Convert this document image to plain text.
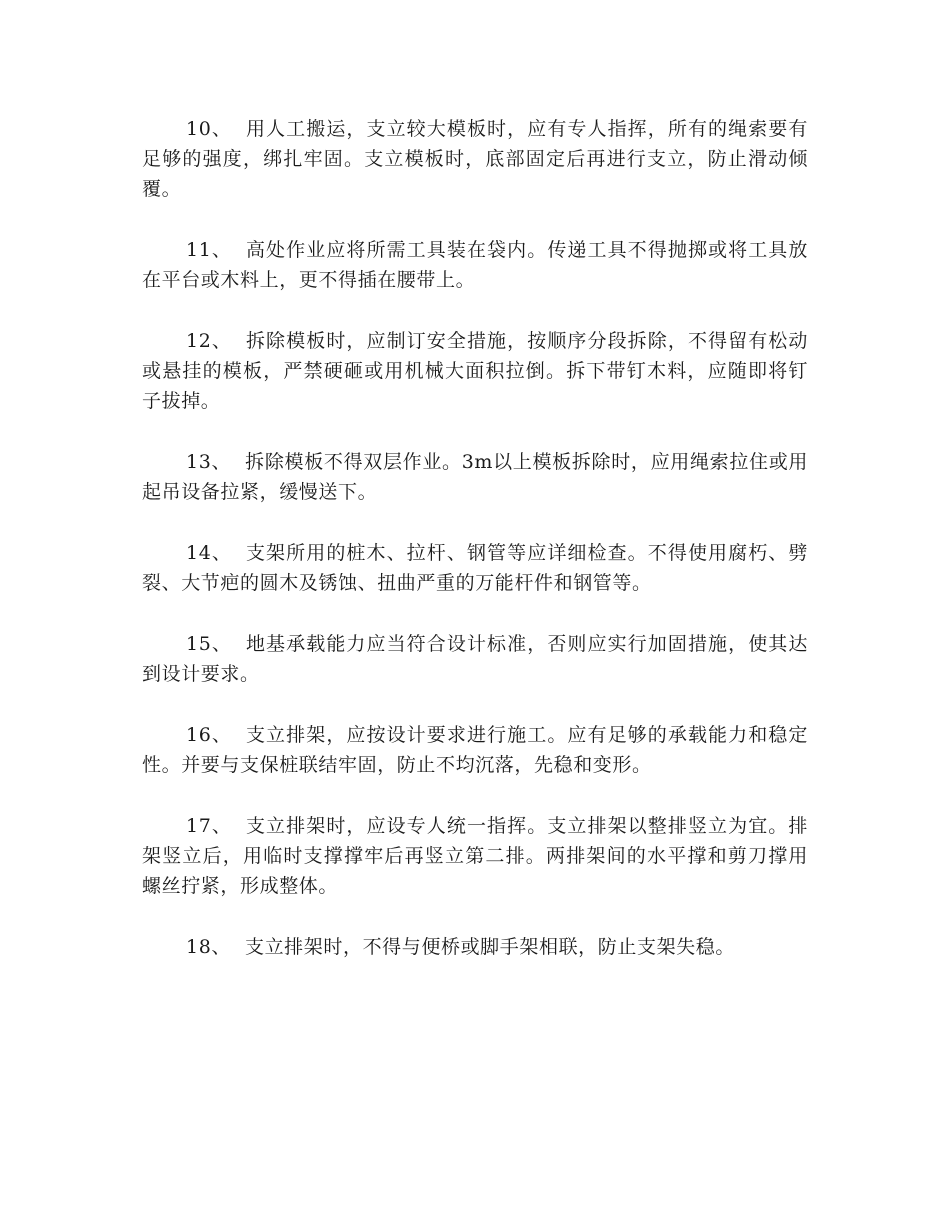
10、 用人工搬运，支立较大模板时，应有专人指挥，所有的绳索要有足够的强度，绑扎牢固。支立模板时，底部固定后再进行支立，防止滑动倾覆。

11、 高处作业应将所需工具装在袋内。传递工具不得抛掷或将工具放在平台或木料上，更不得插在腰带上。

12、 拆除模板时，应制订安全措施，按顺序分段拆除，不得留有松动或悬挂的模板，严禁硬砸或用机械大面积拉倒。拆下带钉木料，应随即将钉子拔掉。

13、 拆除模板不得双层作业。3m以上模板拆除时，应用绳索拉住或用起吊设备拉紧，缓慢送下。

14、 支架所用的桩木、拉杆、钢管等应详细检查。不得使用腐朽、劈裂、大节疤的圆木及锈蚀、扭曲严重的万能杆件和钢管等。

15、 地基承载能力应当符合设计标准，否则应实行加固措施，使其达到设计要求。

16、 支立排架，应按设计要求进行施工。应有足够的承载能力和稳定性。并要与支保桩联结牢固，防止不均沉落，先稳和变形。

17、 支立排架时，应设专人统一指挥。支立排架以整排竖立为宜。排架竖立后，用临时支撑撑牢后再竖立第二排。两排架间的水平撑和剪刀撑用螺丝拧紧，形成整体。

18、 支立排架时，不得与便桥或脚手架相联，防止支架失稳。
